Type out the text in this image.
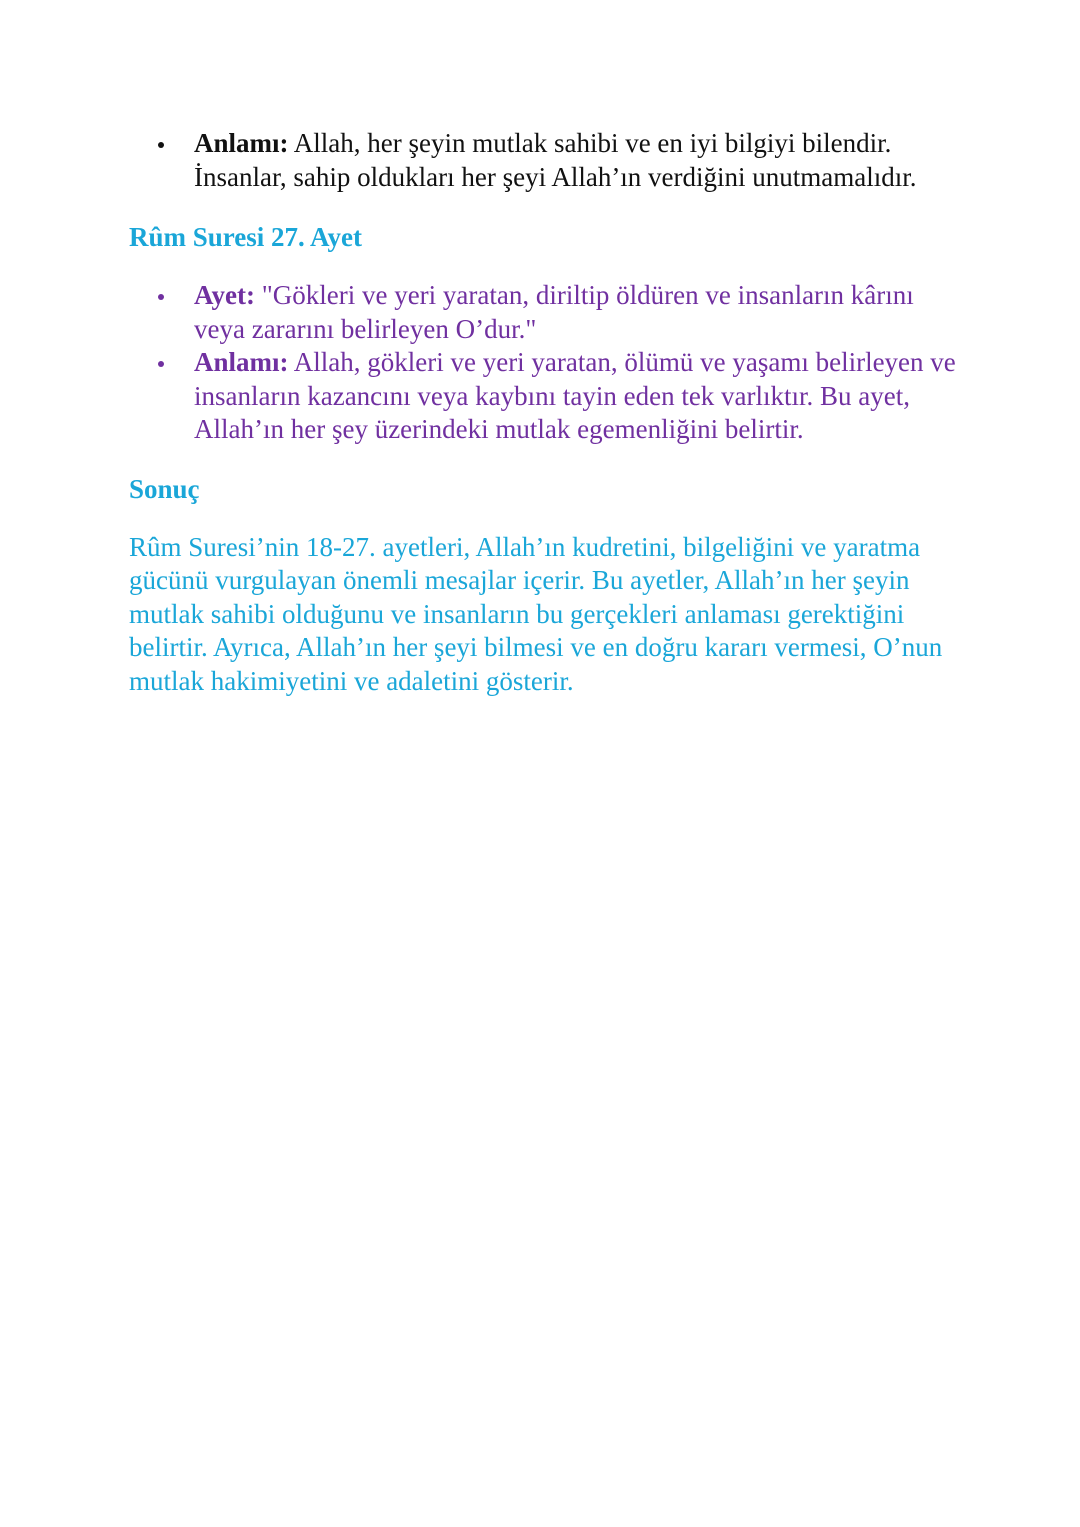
Anlamı: Allah, her şeyin mutlak sahibi ve en iyi bilgiyi bilendir. İnsanlar, sahip oldukları her şeyi Allah’ın verdiğini unutmamalıdır.
Rûm Suresi 27. Ayet
Ayet: "Gökleri ve yeri yaratan, diriltip öldüren ve insanların kârını veya zararını belirleyen O’dur."
Anlamı: Allah, gökleri ve yeri yaratan, ölümü ve yaşamı belirleyen ve insanların kazancını veya kaybını tayin eden tek varlıktır. Bu ayet, Allah’ın her şey üzerindeki mutlak egemenliğini belirtir.
Sonuç

Rûm Suresi’nin 18-27. ayetleri, Allah’ın kudretini, bilgeliğini ve yaratma gücünü vurgulayan önemli mesajlar içerir. Bu ayetler, Allah’ın her şeyin mutlak sahibi olduğunu ve insanların bu gerçekleri anlaması gerektiğini belirtir. Ayrıca, Allah’ın her şeyi bilmesi ve en doğru kararı vermesi, O’nun mutlak hakimiyetini ve adaletini gösterir.
